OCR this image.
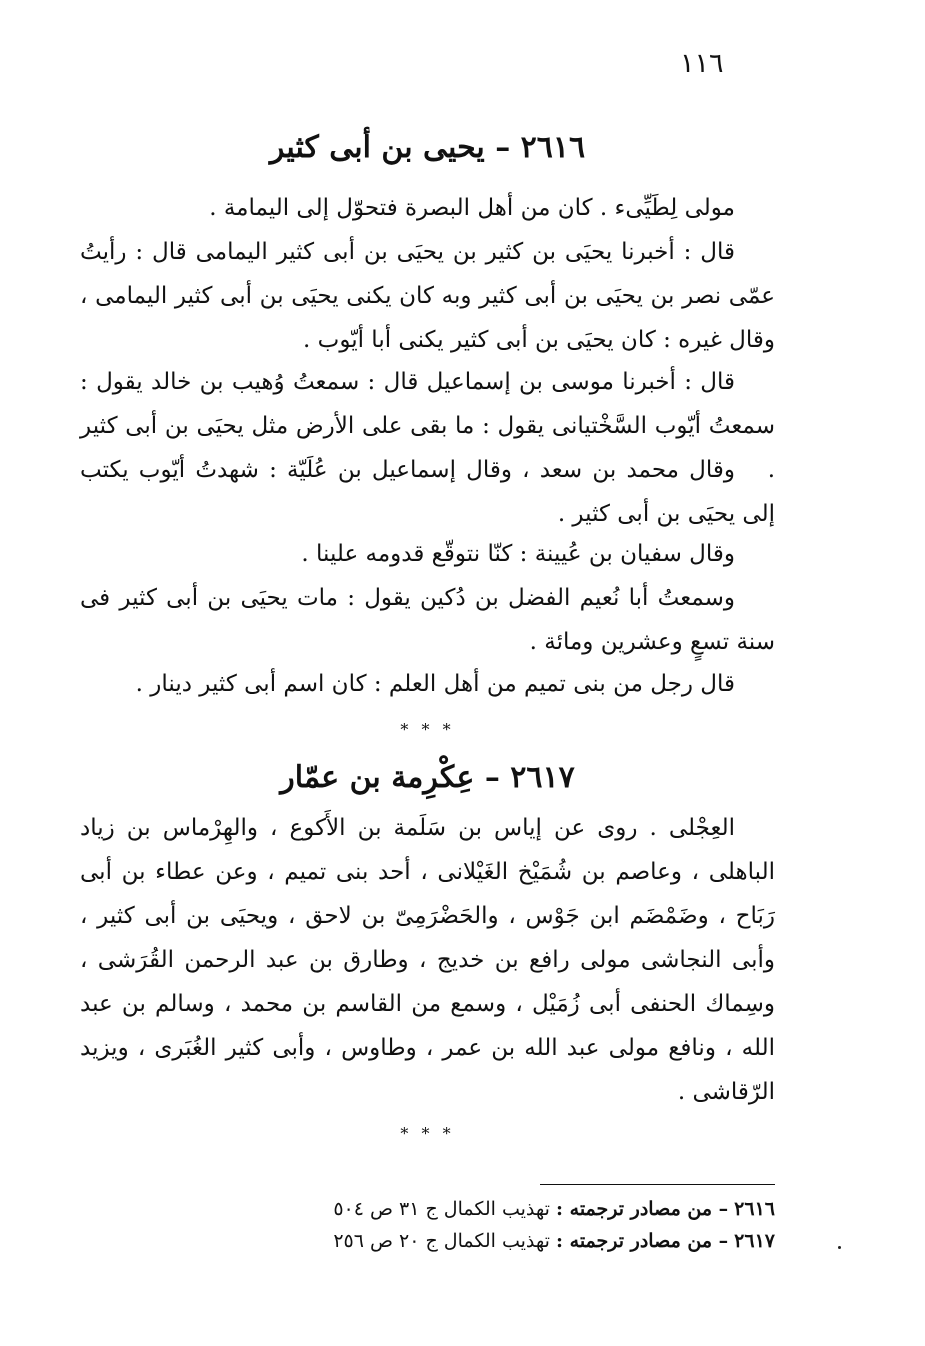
١١٦
٢٦١٦ – يحيى بن أبى كثير

مولى لِطَيِّىء . كان من أهل البصرة فتحوّل إلى اليمامة .

قال : أخبرنا يحيَى بن كثير بن يحيَى بن أبى كثير اليمامى قال : رأيتُ عمّى نصر بن يحيَى بن أبى كثير وبه كان يكنى يحيَى بن أبى كثير اليمامى ، وقال غيره : كان يحيَى بن أبى كثير يكنى أبا أيّوب .

قال : أخبرنا موسى بن إسماعيل قال : سمعتُ وُهيب بن خالد يقول : سمعتُ أيّوب السَّخْتيانى يقول : ما بقى على الأرض مثل يحيَى بن أبى كثير .

وقال محمد بن سعد ، وقال إسماعيل بن عُلَيّة : شهدتُ أيّوب يكتب إلى يحيَى بن أبى كثير .

وقال سفيان بن عُيينة : كنّا نتوقّع قدومه علينا .

وسمعتُ أبا نُعيم الفضل بن دُكين يقول : مات يحيَى بن أبى كثير فى سنة تسعٍ وعشرين ومائة .

قال رجل من بنى تميم من أهل العلم : كان اسم أبى كثير دينار .

* * *
٢٦١٧ – عِكْرِمة بن عمّار

العِجْلى . روى عن إياس بن سَلَمة بن الأَكوع ، والهِرْماس بن زياد الباهلى ، وعاصم بن شُمَيْخ الغَيْلانى ، أحد بنى تميم ، وعن عطاء بن أبى رَبَاح ، وضَمْضَم ابن جَوْس ، والحَضْرَمِىّ بن لاحق ، ويحيَى بن أبى كثير ، وأبى النجاشى مولى رافع بن خديج ، وطارق بن عبد الرحمن القُرَشى ، وسِماك الحنفى أبى زُمَيْل ، وسمع من القاسم بن محمد ، وسالم بن عبد الله ، ونافع مولى عبد الله بن عمر ، وطاوس ، وأبى كثير الغُبَرى ، ويزيد الرّقاشى .

* * *
٢٦١٦ – من مصادر ترجمته : تهذيب الكمال ج ٣١ ص ٥٠٤
٢٦١٧ – من مصادر ترجمته : تهذيب الكمال ج ٢٠ ص ٢٥٦
